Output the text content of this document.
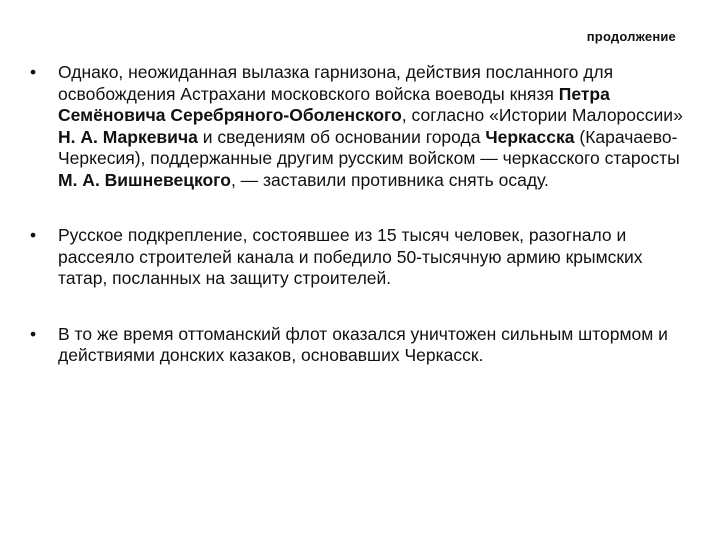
продолжение
• Однако, неожиданная вылазка гарнизона, действия посланного для освобождения Астрахани московского войска воеводы князя Петра Семёновича Серебряного-Оболенского, согласно «Истории Малороссии» Н. А. Маркевича и сведениям об основании города Черкасска (Карачаево-Черкесия), поддержанные другим русским войском — черкасского старосты М. А. Вишневецкого, — заставили противника снять осаду.
• Русское подкрепление, состоявшее из 15 тысяч человек, разогнало и рассеяло строителей канала и победило 50-тысячную армию крымских татар, посланных на защиту строителей.
• В то же время оттоманский флот оказался уничтожен сильным штормом и действиями донских казаков, основавших Черкасск.
